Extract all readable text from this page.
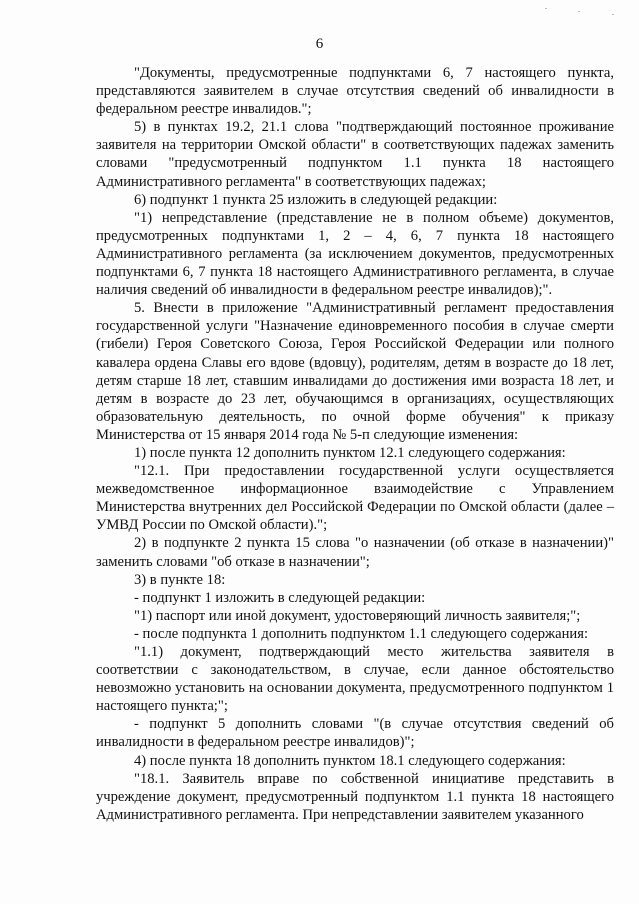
6

"Документы, предусмотренные подпунктами 6, 7 настоящего пункта, представляются заявителем в случае отсутствия сведений об инвалидности в федеральном реестре инвалидов.";

5) в пунктах 19.2, 21.1 слова "подтверждающий постоянное проживание заявителя на территории Омской области" в соответствующих падежах заменить словами "предусмотренный подпунктом 1.1 пункта 18 настоящего Административного регламента" в соответствующих падежах;

6) подпункт 1 пункта 25 изложить в следующей редакции:

"1) непредставление (представление не в полном объеме) документов, предусмотренных подпунктами 1, 2 – 4, 6, 7 пункта 18 настоящего Административного регламента (за исключением документов, предусмотренных подпунктами 6, 7 пункта 18 настоящего Административного регламента, в случае наличия сведений об инвалидности в федеральном реестре инвалидов);".

5. Внести в приложение "Административный регламент предоставления государственной услуги "Назначение единовременного пособия в случае смерти (гибели) Героя Советского Союза, Героя Российской Федерации или полного кавалера ордена Славы его вдове (вдовцу), родителям, детям в возрасте до 18 лет, детям старше 18 лет, ставшим инвалидами до достижения ими возраста 18 лет, и детям в возрасте до 23 лет, обучающимся в организациях, осуществляющих образовательную деятельность, по очной форме обучения" к приказу Министерства от 15 января 2014 года № 5-п следующие изменения:

1) после пункта 12 дополнить пунктом 12.1 следующего содержания:

"12.1. При предоставлении государственной услуги осуществляется межведомственное информационное взаимодействие с Управлением Министерства внутренних дел Российской Федерации по Омской области (далее – УМВД России по Омской области).";

2) в подпункте 2 пункта 15 слова "о назначении (об отказе в назначении)" заменить словами "об отказе в назначении";

3) в пункте 18:

- подпункт 1 изложить в следующей редакции:

"1) паспорт или иной документ, удостоверяющий личность заявителя;";

- после подпункта 1 дополнить подпунктом 1.1 следующего содержания:

"1.1) документ, подтверждающий место жительства заявителя в соответствии с законодательством, в случае, если данное обстоятельство невозможно установить на основании документа, предусмотренного подпунктом 1 настоящего пункта;";

- подпункт 5 дополнить словами "(в случае отсутствия сведений об инвалидности в федеральном реестре инвалидов)";

4) после пункта 18 дополнить пунктом 18.1 следующего содержания:

"18.1. Заявитель вправе по собственной инициативе представить в учреждение документ, предусмотренный подпунктом 1.1 пункта 18 настоящего Административного регламента. При непредставлении заявителем указанного
